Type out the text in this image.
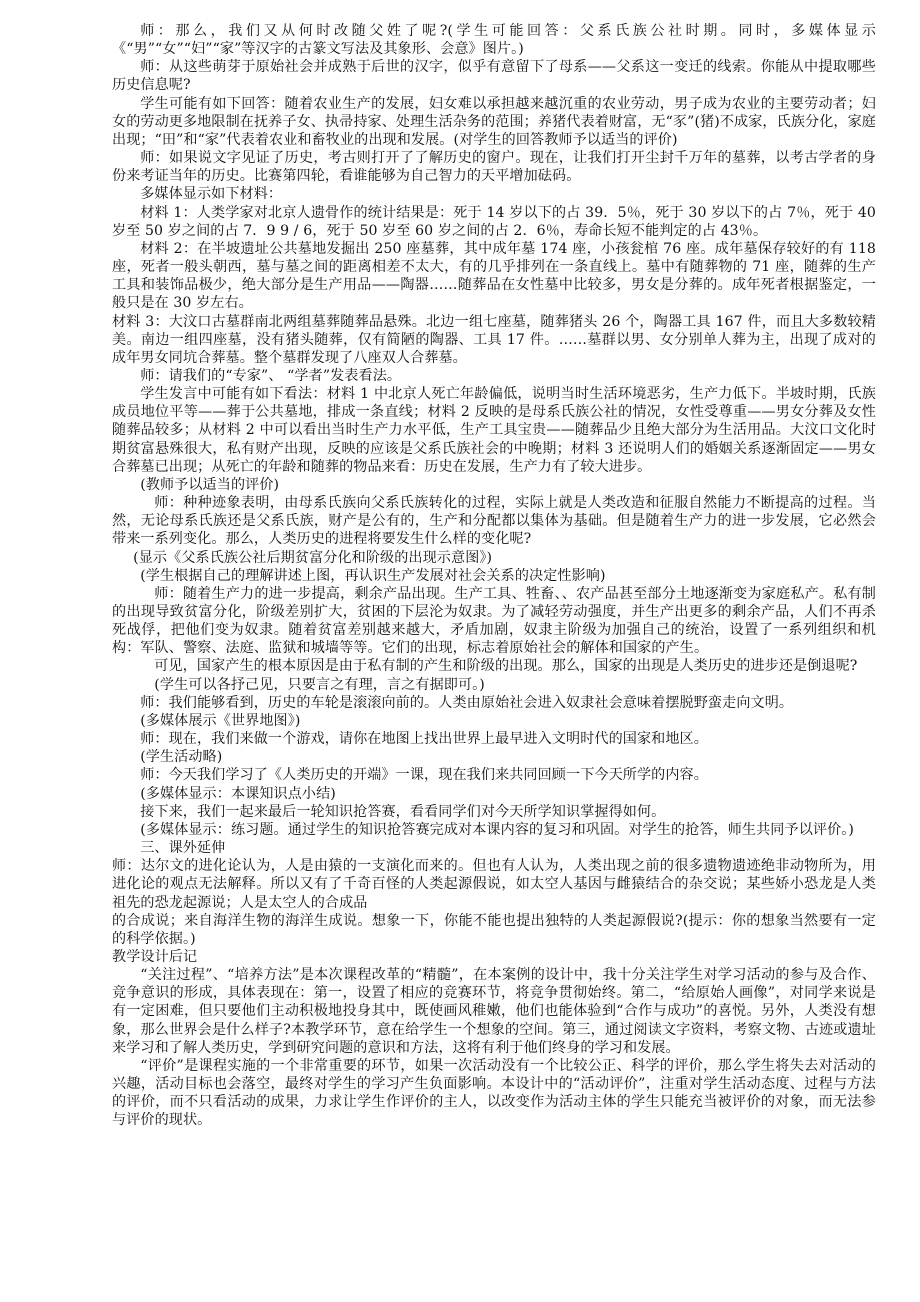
师：那么，我们又从何时改随父姓了呢?(学生可能回答：父系氏族公社时期。同时，多媒体显示《“男”“女”“妇”“家”等汉字的古篆文写法及其象形、会意》图片。)

师：从这些萌芽于原始社会并成熟于后世的汉字，似乎有意留下了母系——父系这一变迁的线索。你能从中提取哪些历史信息呢?

学生可能有如下回答：随着农业生产的发展，妇女难以承担越来越沉重的农业劳动，男子成为农业的主要劳动者；妇女的劳动更多地限制在抚养子女、执帚持家、处理生活杂务的范围；养猪代表着财富，无“豕”(猪)不成家，氏族分化，家庭出现；“田”和“家”代表着农业和畜牧业的出现和发展。(对学生的回答教师予以适当的评价)

师：如果说文字见证了历史，考古则打开了了解历史的窗户。现在，让我们打开尘封千万年的墓葬，以考古学者的身份来考证当年的历史。比赛第四轮，看谁能够为自己智力的天平增加砝码。

多媒体显示如下材料：

材料 1：人类学家对北京人遗骨作的统计结果是：死于 14 岁以下的占 39．5％，死于 30 岁以下的占 7％，死于 40 岁至 50 岁之间的占 7．9 9 / 6，死于 50 岁至 60 岁之间的占 2．6％，寿命长短不能判定的占 43％。

材料 2：在半坡遗址公共墓地发掘出 250 座墓葬，其中成年墓 174 座，小孩瓮棺 76 座。成年墓保存较好的有 118 座，死者一般头朝西，墓与墓之间的距离相差不太大，有的几乎排列在一条直线上。墓中有随葬物的 71 座，随葬的生产工具和装饰品极少，绝大部分是生产用品——陶器……随葬品在女性墓中比较多，男女是分葬的。成年死者根据鉴定，一般只是在 30 岁左右。

材料 3：大汶口古墓群南北两组墓葬随葬品悬殊。北边一组七座墓，随葬猪头 26 个，陶器工具 167 件，而且大多数较精美。南边一组四座墓，没有猪头随葬，仅有简陋的陶器、工具 17 件。……墓群以男、女分别单人葬为主，出现了成对的成年男女同坑合葬墓。整个墓群发现了八座双人合葬墓。

师：请我们的“专家”、 “学者”发表看法。

学生发言中可能有如下看法：材料 1 中北京人死亡年龄偏低，说明当时生活环境恶劣，生产力低下。半坡时期，氏族成员地位平等——葬于公共墓地，排成一条直线；材料 2 反映的是母系氏族公社的情况，女性受尊重——男女分葬及女性随葬品较多；从材料 2 中可以看出当时生产力水平低，生产工具宝贵——随葬品少且绝大部分为生活用品。大汶口文化时期贫富悬殊很大，私有财产出现，反映的应该是父系氏族社会的中晚期；材料 3 还说明人们的婚姻关系逐渐固定——男女合葬墓已出现；从死亡的年龄和随葬的物品来看：历史在发展，生产力有了较大进步。

(教师予以适当的评价)

师：种种迹象表明，由母系氏族向父系氏族转化的过程，实际上就是人类改造和征服自然能力不断提高的过程。当然，无论母系氏族还是父系氏族，财产是公有的，生产和分配都以集体为基础。但是随着生产力的进一步发展，它必然会带来一系列变化。那么，人类历史的进程将要发生什么样的变化呢?

(显示《父系氏族公社后期贫富分化和阶级的出现示意图》)

(学生根据自己的理解讲述上图，再认识生产发展对社会关系的决定性影响)

师：随着生产力的进一步提高，剩余产品出现。生产工具、牲畜、、农产品甚至部分土地逐渐变为家庭私产。私有制的出现导致贫富分化，阶级差别扩大，贫困的下层沦为奴隶。为了减轻劳动强度，并生产出更多的剩余产品，人们不再杀死战俘，把他们变为奴隶。随着贫富差别越来越大，矛盾加剧，奴隶主阶级为加强自己的统治，设置了一系列组织和机构：军队、警察、法庭、监狱和城墙等等。它们的出现，标志着原始社会的解体和国家的产生。

可见，国家产生的根本原因是由于私有制的产生和阶级的出现。那么，国家的出现是人类历史的进步还是倒退呢?

(学生可以各抒己见，只要言之有理，言之有据即可。)

师：我们能够看到，历史的车轮是滚滚向前的。人类由原始社会进入奴隶社会意味着摆脱野蛮走向文明。

(多媒体展示《世界地图》)

师：现在，我们来做一个游戏，请你在地图上找出世界上最早进入文明时代的国家和地区。

(学生活动略)

师：今天我们学习了《人类历史的开端》一课，现在我们来共同回顾一下今天所学的内容。

(多媒体显示：本课知识点小结)

接下来，我们一起来最后一轮知识抢答赛，看看同学们对今天所学知识掌握得如何。

(多媒体显示：练习题。通过学生的知识抢答赛完成对本课内容的复习和巩固。对学生的抢答，师生共同予以评价。)

三、课外延伸

师：达尔文的进化论认为，人是由猿的一支演化而来的。但也有人认为，人类出现之前的很多遗物遗迹绝非动物所为，用进化论的观点无法解释。所以又有了千奇百怪的人类起源假说，如太空人基因与雌猿结合的杂交说；某些娇小恐龙是人类祖先的恐龙起源说；人是太空人的合成品

的合成说；来自海洋生物的海洋生成说。想象一下，你能不能也提出独特的人类起源假说?(提示：你的想象当然要有一定的科学依据。)

教学设计后记

“关注过程”、“培养方法”是本次课程改革的“精髓”，在本案例的设计中，我十分关注学生对学习活动的参与及合作、竞争意识的形成，具体表现在：第一，设置了相应的竞赛环节，将竞争贯彻始终。第二，“给原始人画像”，对同学来说是有一定困难，但只要他们主动积极地投身其中，既使画风稚嫩，他们也能体验到“合作与成功”的喜悦。另外，人类没有想象，那么世界会是什么样子?本教学环节，意在给学生一个想象的空间。第三，通过阅读文字资料，考察文物、古迹或遗址来学习和了解人类历史，学到研究问题的意识和方法，这将有利于他们终身的学习和发展。

“评价”是课程实施的一个非常重要的环节，如果一次活动没有一个比较公正、科学的评价，那么学生将失去对活动的兴趣，活动目标也会落空，最终对学生的学习产生负面影响。本设计中的“活动评价”，注重对学生活动态度、过程与方法的评价，而不只看活动的成果，力求让学生作评价的主人，以改变作为活动主体的学生只能充当被评价的对象，而无法参与评价的现状。
